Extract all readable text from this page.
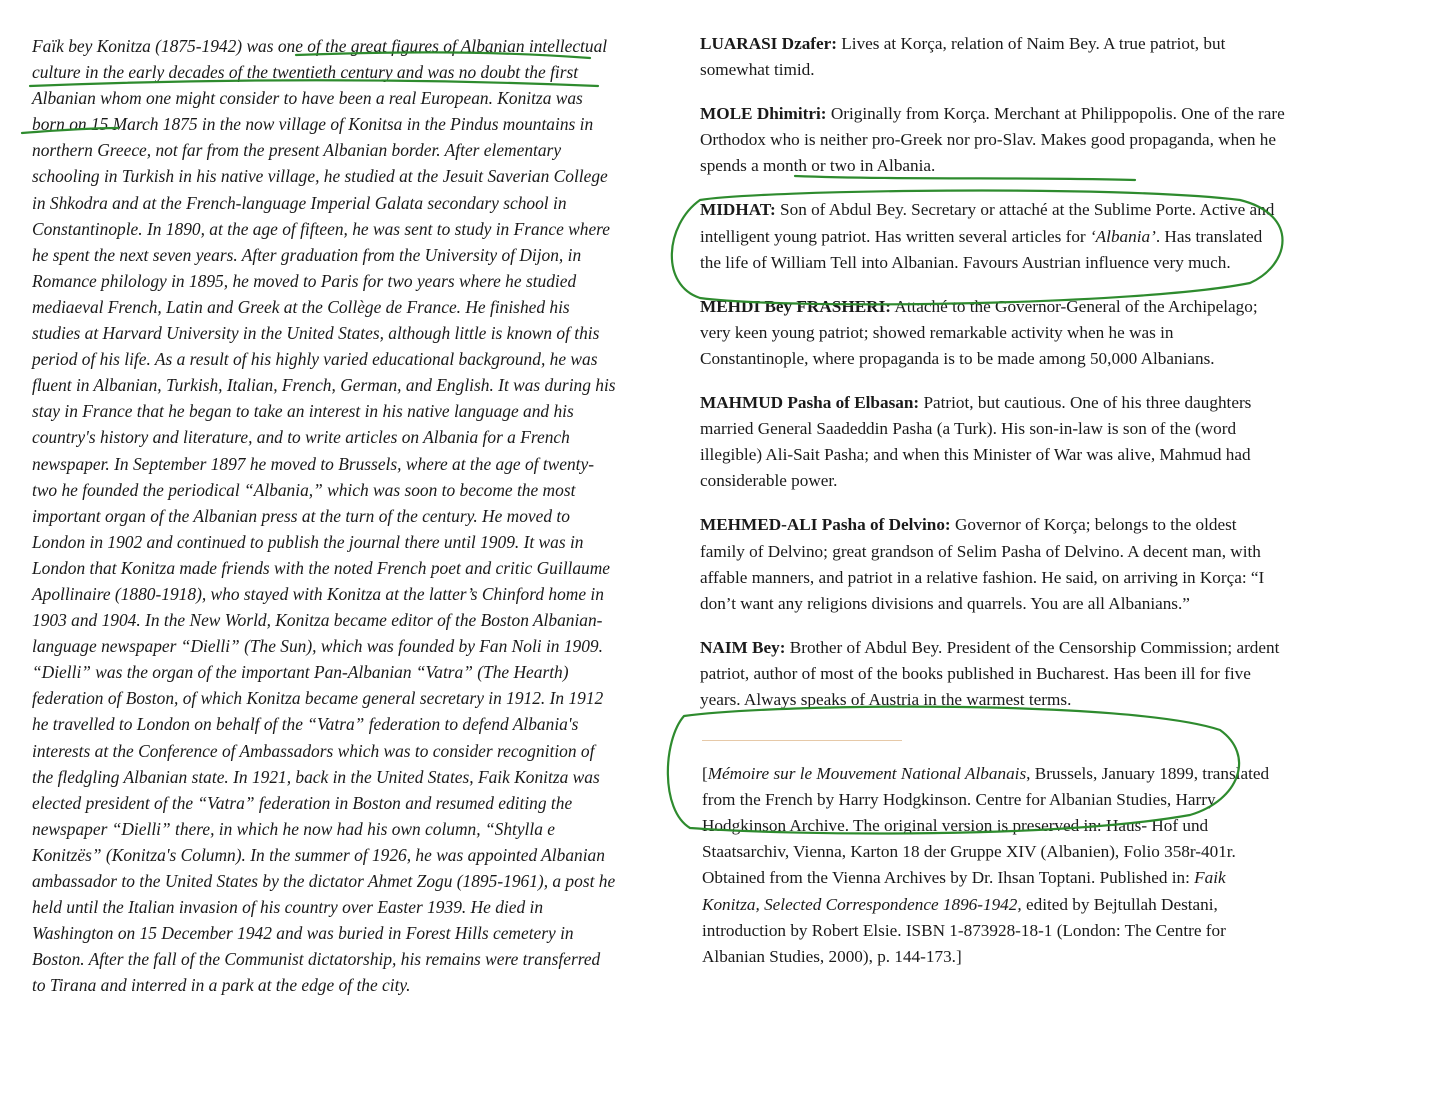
Faïk bey Konitza (1875-1942) was one of the great figures of Albanian intellectual culture in the early decades of the twentieth century and was no doubt the first Albanian whom one might consider to have been a real European. Konitza was born on 15 March 1875 in the now village of Konitsa in the Pindus mountains in northern Greece, not far from the present Albanian border. After elementary schooling in Turkish in his native village, he studied at the Jesuit Saverian College in Shkodra and at the French-language Imperial Galata secondary school in Constantinople. In 1890, at the age of fifteen, he was sent to study in France where he spent the next seven years. After graduation from the University of Dijon, in Romance philology in 1895, he moved to Paris for two years where he studied mediaeval French, Latin and Greek at the Collège de France. He finished his studies at Harvard University in the United States, although little is known of this period of his life. As a result of his highly varied educational background, he was fluent in Albanian, Turkish, Italian, French, German, and English. It was during his stay in France that he began to take an interest in his native language and his country's history and literature, and to write articles on Albania for a French newspaper. In September 1897 he moved to Brussels, where at the age of twenty-two he founded the periodical “Albania,” which was soon to become the most important organ of the Albanian press at the turn of the century. He moved to London in 1902 and continued to publish the journal there until 1909. It was in London that Konitza made friends with the noted French poet and critic Guillaume Apollinaire (1880-1918), who stayed with Konitza at the latter’s Chinford home in 1903 and 1904. In the New World, Konitza became editor of the Boston Albanian-language newspaper “Dielli” (The Sun), which was founded by Fan Noli in 1909. “Dielli” was the organ of the important Pan-Albanian “Vatra” (The Hearth) federation of Boston, of which Konitza became general secretary in 1912. In 1912 he travelled to London on behalf of the “Vatra” federation to defend Albania's interests at the Conference of Ambassadors which was to consider recognition of the fledgling Albanian state. In 1921, back in the United States, Faik Konitza was elected president of the “Vatra” federation in Boston and resumed editing the newspaper “Dielli” there, in which he now had his own column, “Shtylla e Konitzës” (Konitza's Column). In the summer of 1926, he was appointed Albanian ambassador to the United States by the dictator Ahmet Zogu (1895-1961), a post he held until the Italian invasion of his country over Easter 1939. He died in Washington on 15 December 1942 and was buried in Forest Hills cemetery in Boston. After the fall of the Communist dictatorship, his remains were transferred to Tirana and interred in a park at the edge of the city.

LUARASI Dzafer: Lives at Korça, relation of Naim Bey. A true patriot, but somewhat timid.

MOLE Dhimitri: Originally from Korça. Merchant at Philippopolis. One of the rare Orthodox who is neither pro-Greek nor pro-Slav. Makes good propaganda, when he spends a month or two in Albania.

MIDHAT: Son of Abdul Bey. Secretary or attaché at the Sublime Porte. Active and intelligent young patriot. Has written several articles for ‘Albania’. Has translated the life of William Tell into Albanian. Favours Austrian influence very much.

MEHDI Bey FRASHERI: Attaché to the Governor-General of the Archipelago; very keen young patriot; showed remarkable activity when he was in Constantinople, where propaganda is to be made among 50,000 Albanians.

MAHMUD Pasha of Elbasan: Patriot, but cautious. One of his three daughters married General Saadeddin Pasha (a Turk). His son-in-law is son of the (word illegible) Ali-Sait Pasha; and when this Minister of War was alive, Mahmud had considerable power.

MEHMED-ALI Pasha of Delvino: Governor of Korça; belongs to the oldest family of Delvino; great grandson of Selim Pasha of Delvino. A decent man, with affable manners, and patriot in a relative fashion. He said, on arriving in Korça: “I don’t want any religions divisions and quarrels. You are all Albanians.”

NAIM Bey: Brother of Abdul Bey. President of the Censorship Commission; ardent patriot, author of most of the books published in Bucharest. Has been ill for five years. Always speaks of Austria in the warmest terms.

[Mémoire sur le Mouvement National Albanais, Brussels, January 1899, translated from the French by Harry Hodgkinson. Centre for Albanian Studies, Harry Hodgkinson Archive. The original version is preserved in: Haus- Hof und Staatsarchiv, Vienna, Karton 18 der Gruppe XIV (Albanien), Folio 358r-401r. Obtained from the Vienna Archives by Dr. Ihsan Toptani. Published in: Faik Konitza, Selected Correspondence 1896-1942, edited by Bejtullah Destani, introduction by Robert Elsie. ISBN 1-873928-18-1 (London: The Centre for Albanian Studies, 2000), p. 144-173.]
